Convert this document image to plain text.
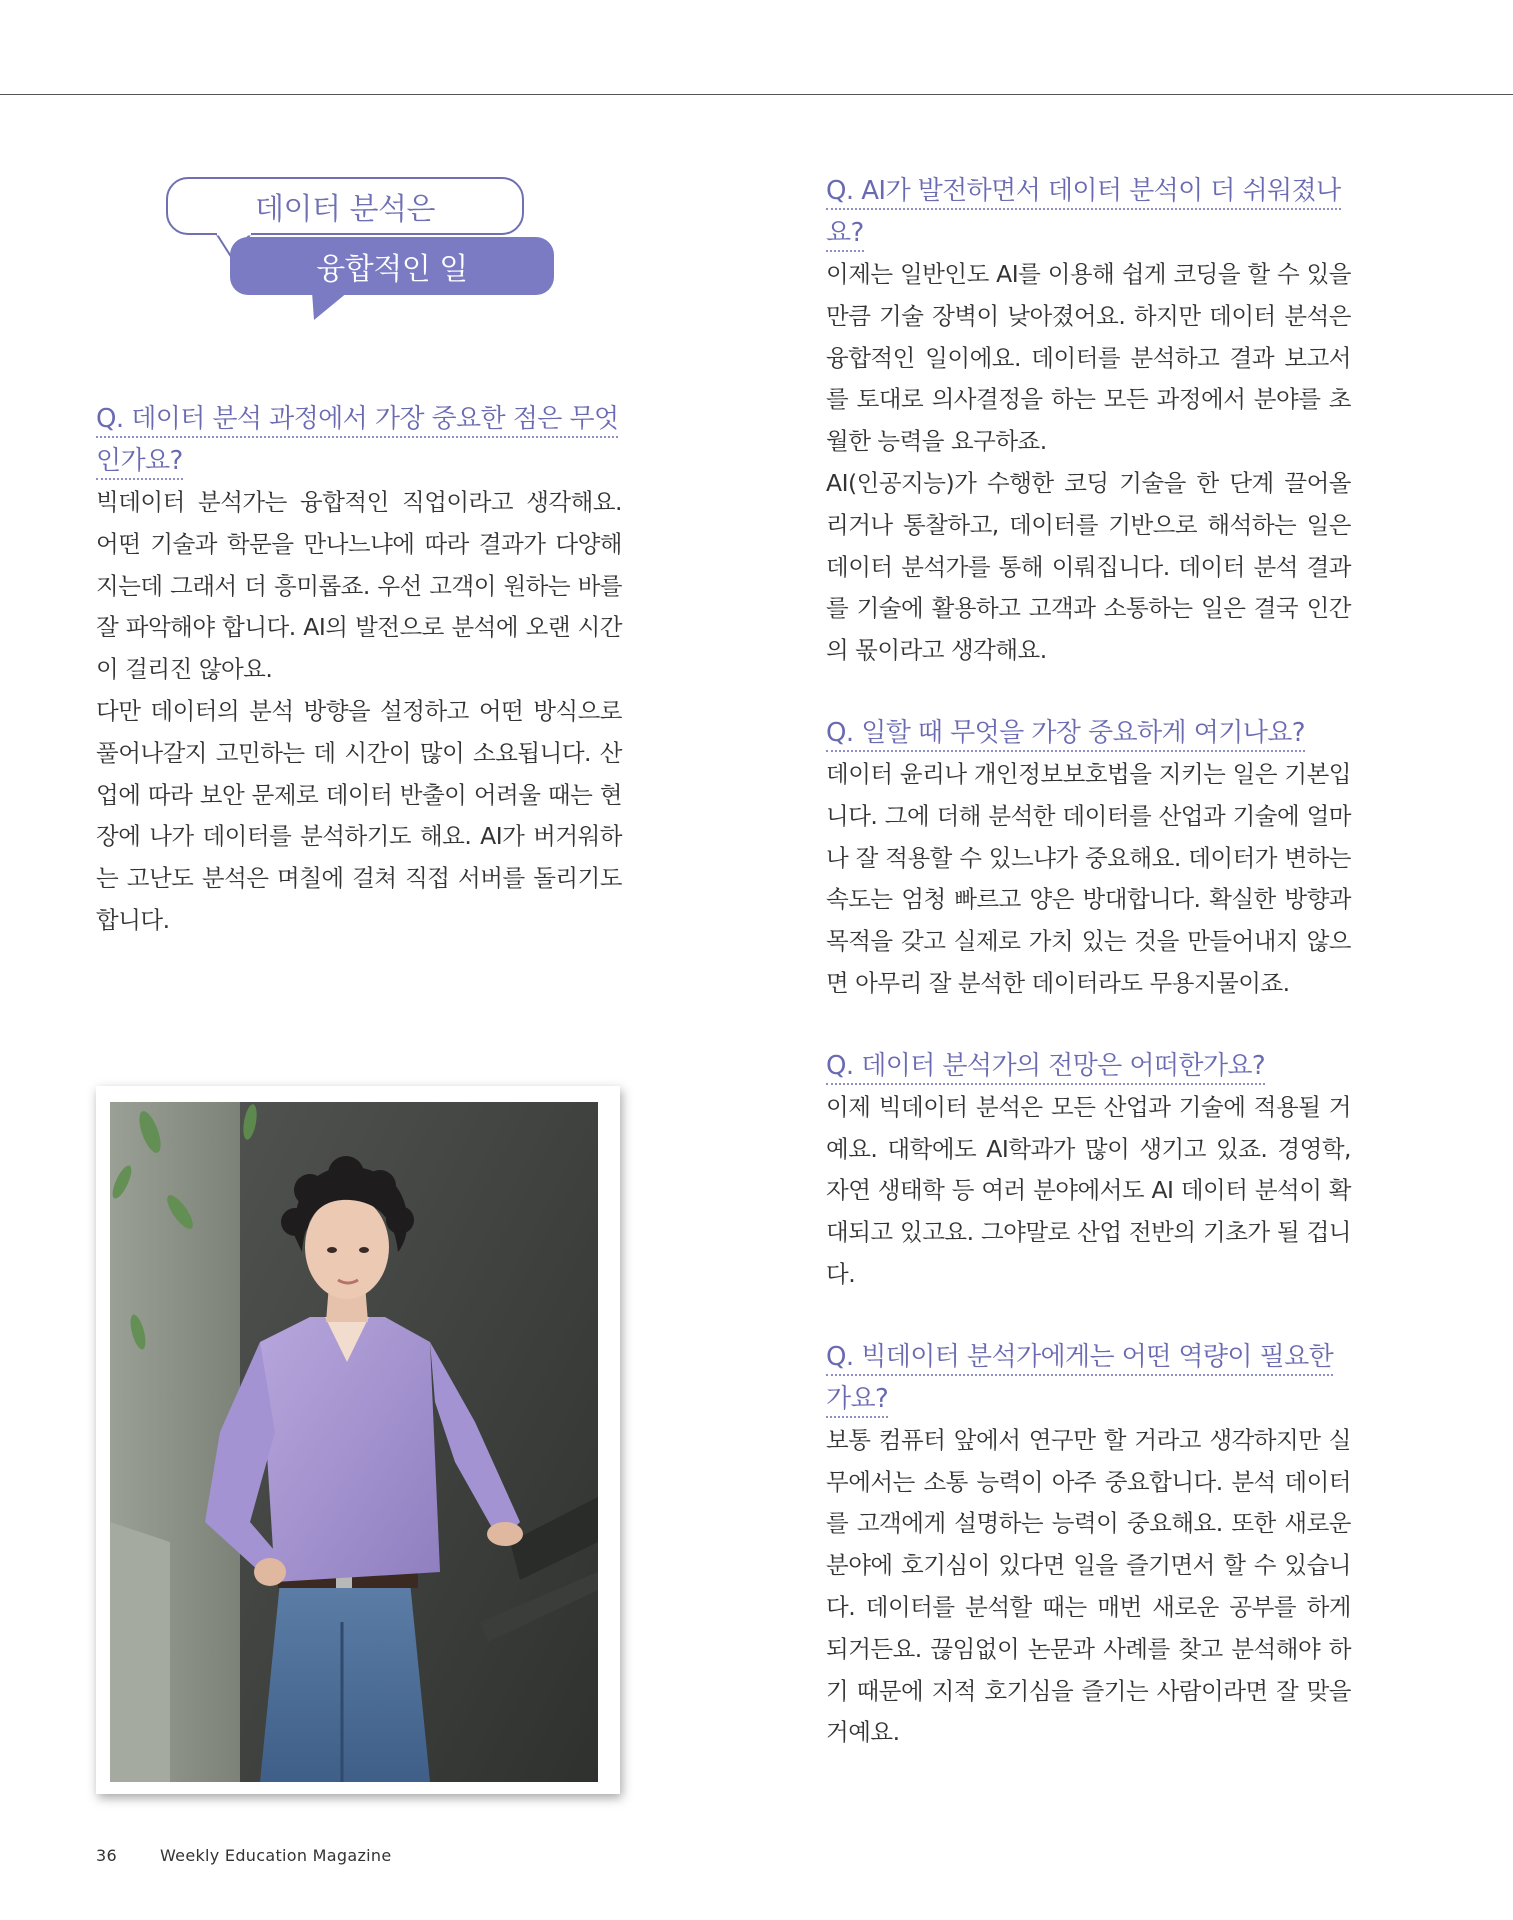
데이터 분석은
융합적인 일

Q. 데이터 분석 과정에서 가장 중요한 점은 무엇인가요?

빅데이터 분석가는 융합적인 직업이라고 생각해요. 어떤 기술과 학문을 만나느냐에 따라 결과가 다양해지는데 그래서 더 흥미롭죠. 우선 고객이 원하는 바를 잘 파악해야 합니다. AI의 발전으로 분석에 오랜 시간이 걸리진 않아요.

다만 데이터의 분석 방향을 설정하고 어떤 방식으로 풀어나갈지 고민하는 데 시간이 많이 소요됩니다. 산업에 따라 보안 문제로 데이터 반출이 어려울 때는 현장에 나가 데이터를 분석하기도 해요. AI가 버거워하는 고난도 분석은 며칠에 걸쳐 직접 서버를 돌리기도 합니다.

Q. AI가 발전하면서 데이터 분석이 더 쉬워졌나요?

이제는 일반인도 AI를 이용해 쉽게 코딩을 할 수 있을 만큼 기술 장벽이 낮아졌어요. 하지만 데이터 분석은 융합적인 일이에요. 데이터를 분석하고 결과 보고서를 토대로 의사결정을 하는 모든 과정에서 분야를 초월한 능력을 요구하죠.

AI(인공지능)가 수행한 코딩 기술을 한 단계 끌어올리거나 통찰하고, 데이터를 기반으로 해석하는 일은 데이터 분석가를 통해 이뤄집니다. 데이터 분석 결과를 기술에 활용하고 고객과 소통하는 일은 결국 인간의 몫이라고 생각해요.

Q. 일할 때 무엇을 가장 중요하게 여기나요?

데이터 윤리나 개인정보보호법을 지키는 일은 기본입니다. 그에 더해 분석한 데이터를 산업과 기술에 얼마나 잘 적용할 수 있느냐가 중요해요. 데이터가 변하는 속도는 엄청 빠르고 양은 방대합니다. 확실한 방향과 목적을 갖고 실제로 가치 있는 것을 만들어내지 않으면 아무리 잘 분석한 데이터라도 무용지물이죠.

Q. 데이터 분석가의 전망은 어떠한가요?

이제 빅데이터 분석은 모든 산업과 기술에 적용될 거예요. 대학에도 AI학과가 많이 생기고 있죠. 경영학, 자연 생태학 등 여러 분야에서도 AI 데이터 분석이 확대되고 있고요. 그야말로 산업 전반의 기초가 될 겁니다.

Q. 빅데이터 분석가에게는 어떤 역량이 필요한가요?

보통 컴퓨터 앞에서 연구만 할 거라고 생각하지만 실무에서는 소통 능력이 아주 중요합니다. 분석 데이터를 고객에게 설명하는 능력이 중요해요. 또한 새로운 분야에 호기심이 있다면 일을 즐기면서 할 수 있습니다. 데이터를 분석할 때는 매번 새로운 공부를 하게 되거든요. 끊임없이 논문과 사례를 찾고 분석해야 하기 때문에 지적 호기심을 즐기는 사람이라면 잘 맞을 거예요.

36	Weekly Education Magazine
